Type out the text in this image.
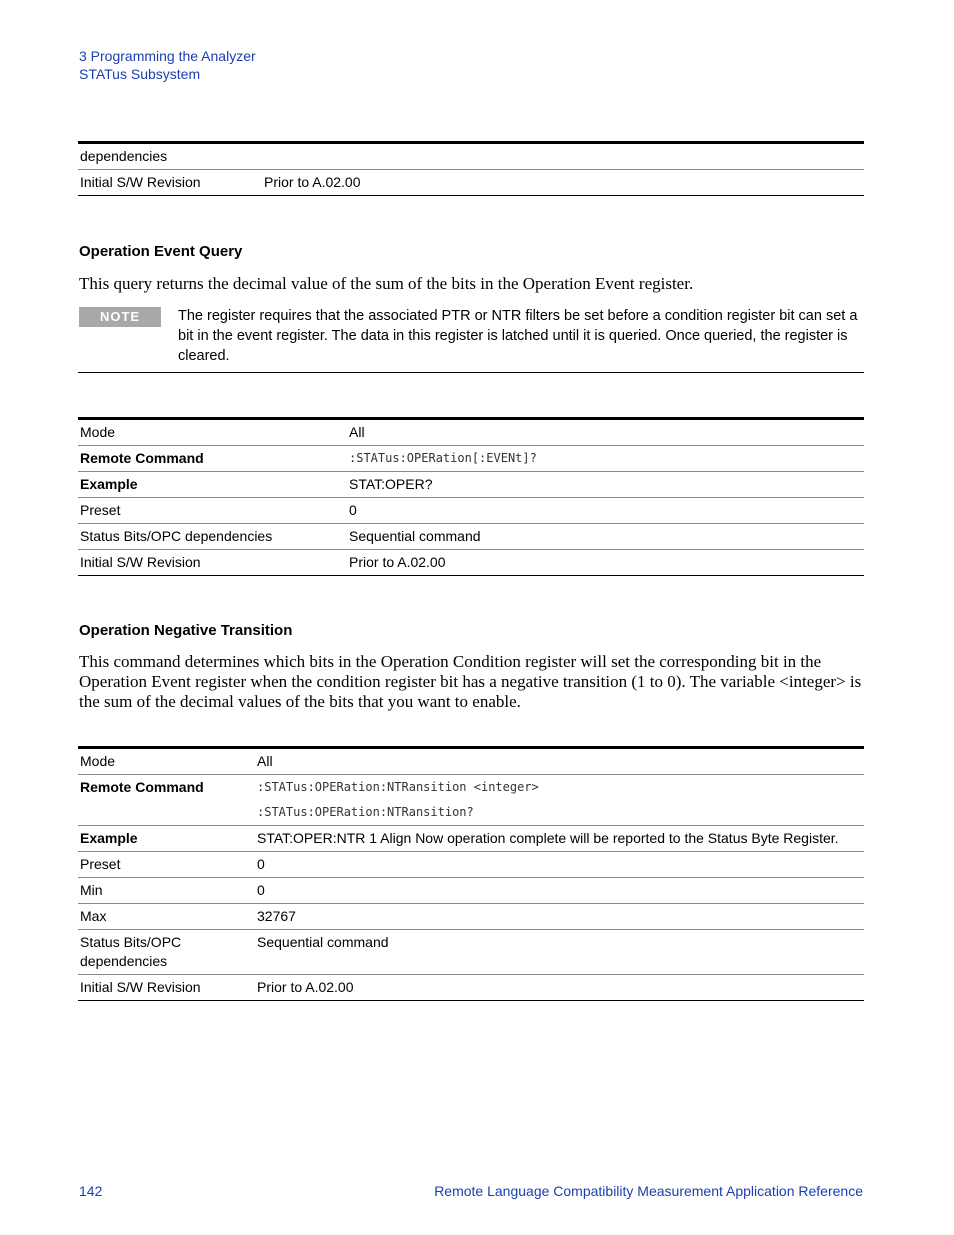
3 Programming the Analyzer
STATus Subsystem
dependencies	
Initial S/W Revision	Prior to A.02.00
Operation Event Query
This query returns the decimal value of the sum of the bits in the Operation Event register.
NOTE	The register requires that the associated PTR or NTR filters be set before a condition register bit can set a bit in the event register. The data in this register is latched until it is queried. Once queried, the register is cleared.
Mode	All
Remote Command	:STATus:OPERation[:EVENt]?
Example	STAT:OPER?
Preset	0
Status Bits/OPC dependencies	Sequential command
Initial S/W Revision	Prior to A.02.00
Operation Negative Transition
This command determines which bits in the Operation Condition register will set the corresponding bit in the Operation Event register when the condition register bit has a negative transition (1 to 0). The variable <integer> is the sum of the decimal values of the bits that you want to enable.
Mode	All
Remote Command	:STATus:OPERation:NTRansition <integer>
:STATus:OPERation:NTRansition?

Example	STAT:OPER:NTR 1 Align Now operation complete will be reported to the Status Byte Register.
Preset	0
Min	0
Max	32767
Status Bits/OPC dependencies	Sequential command
Initial S/W Revision	Prior to A.02.00
142	Remote Language Compatibility Measurement Application Reference
